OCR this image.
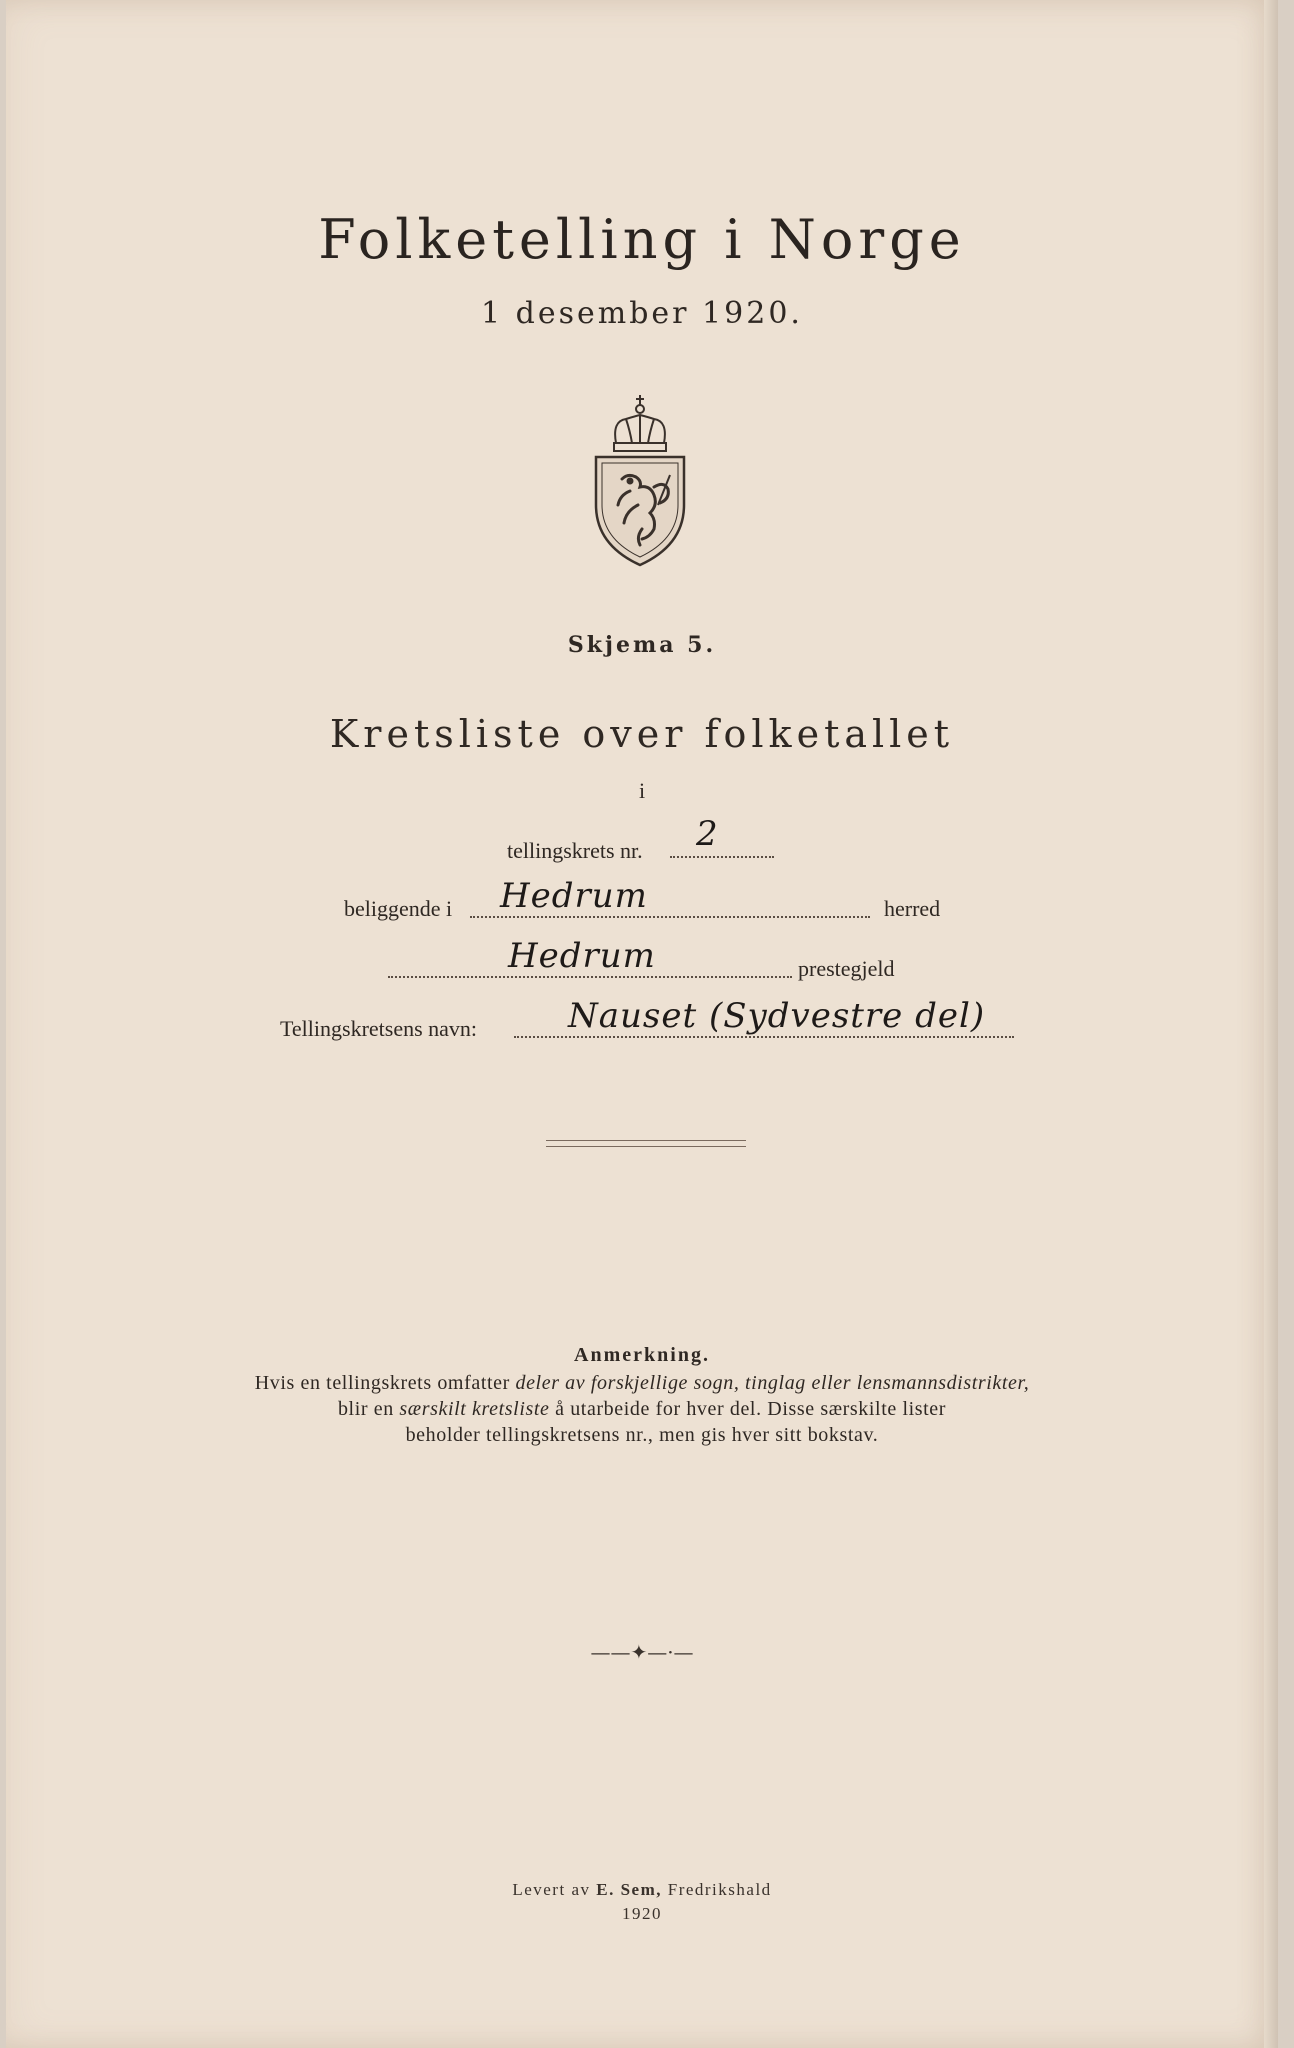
Folketelling i Norge
1 desember 1920.
Skjema 5.
Kretsliste over folketallet
i
tellingskrets nr. 2
beliggende i Hedrum	herred
Hedrum	prestegjeld
Tellingskretsens navn:	Nauset (Sydvestre del)
Anmerkning.
Hvis en tellingskrets omfatter deler av forskjellige sogn, tinglag eller lensmannsdistrikter,
blir en særskilt kretsliste å utarbeide for hver del. Disse særskilte lister
beholder tellingskretsens nr., men gis hver sitt bokstav.
——✦—·—
Levert av E. Sem, Fredrikshald
1920
